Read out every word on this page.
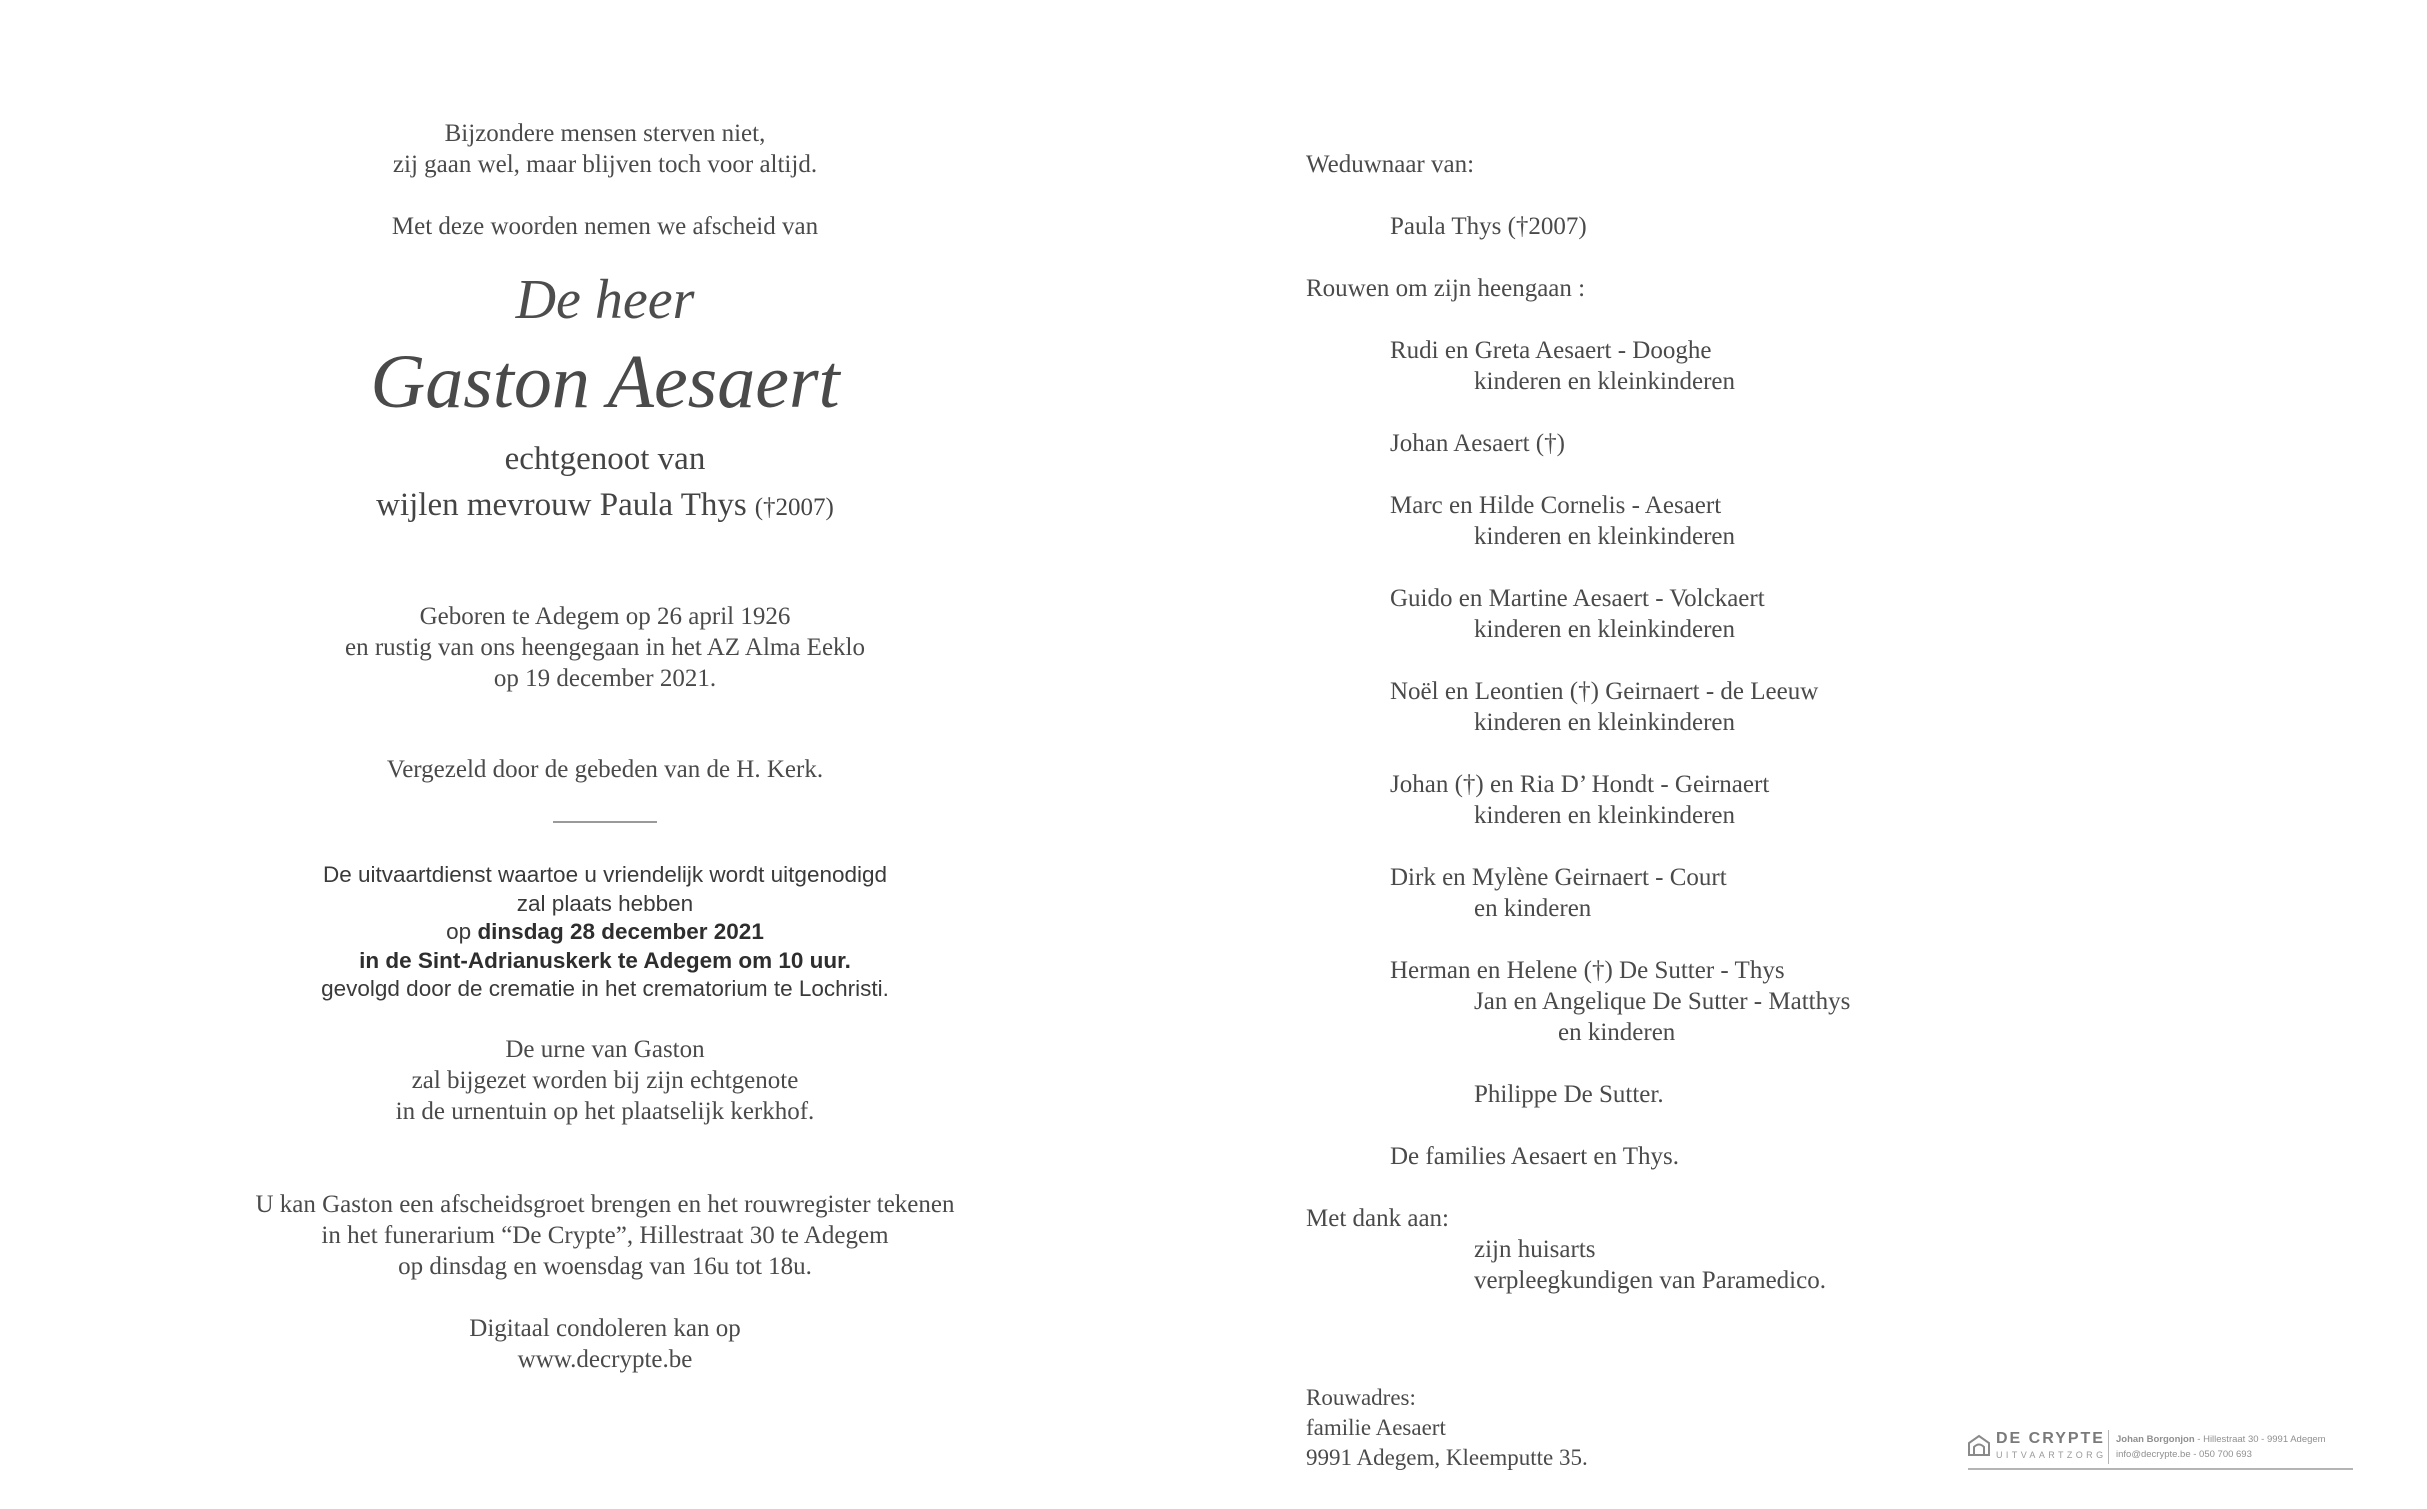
Bijzondere mensen sterven niet,

zij gaan wel, maar blijven toch voor altijd.

Met deze woorden nemen we afscheid van

De heer

Gaston Aesaert

echtgenoot van

wijlen mevrouw Paula Thys (†2007)

Geboren te Adegem op 26 april 1926

en rustig van ons heengegaan in het AZ Alma Eeklo

op 19 december 2021.

Vergezeld door de gebeden van de H. Kerk.

De uitvaartdienst waartoe u vriendelijk wordt uitgenodigd

zal plaats hebben

op dinsdag 28 december 2021

in de Sint-Adrianuskerk te Adegem om 10 uur.

gevolgd door de crematie in het crematorium te Lochristi.

De urne van Gaston

zal bijgezet worden bij zijn echtgenote

in de urnentuin op het plaatselijk kerkhof.

U kan Gaston een afscheidsgroet brengen en het rouwregister tekenen

in het funerarium “De Crypte”, Hillestraat 30 te Adegem

op dinsdag en woensdag van 16u tot 18u.

Digitaal condoleren kan op

www.decrypte.be

Weduwnaar van:
Paula Thys (†2007)
Rouwen om zijn heengaan :
Rudi en Greta Aesaert - Dooghe
kinderen en kleinkinderen
Johan Aesaert (†)
Marc en Hilde Cornelis - Aesaert
kinderen en kleinkinderen
Guido en Martine Aesaert - Volckaert
kinderen en kleinkinderen
Noël en Leontien (†) Geirnaert - de Leeuw
kinderen en kleinkinderen
Johan (†) en Ria D’ Hondt - Geirnaert
kinderen en kleinkinderen
Dirk en Mylène Geirnaert - Court
en kinderen
Herman en Helene (†) De Sutter - Thys
Jan en Angelique De Sutter - Matthys
en kinderen
Philippe De Sutter.
De families Aesaert en Thys.
Met dank aan:
zijn huisarts
verpleegkundigen van Paramedico.
Rouwadres:
familie Aesaert
9991 Adegem, Kleemputte 35.
DE CRYPTE
UITVAARTZORG
Johan Borgonjon - Hillestraat 30 - 9991 Adegem
info@decrypte.be - 050 700 693
